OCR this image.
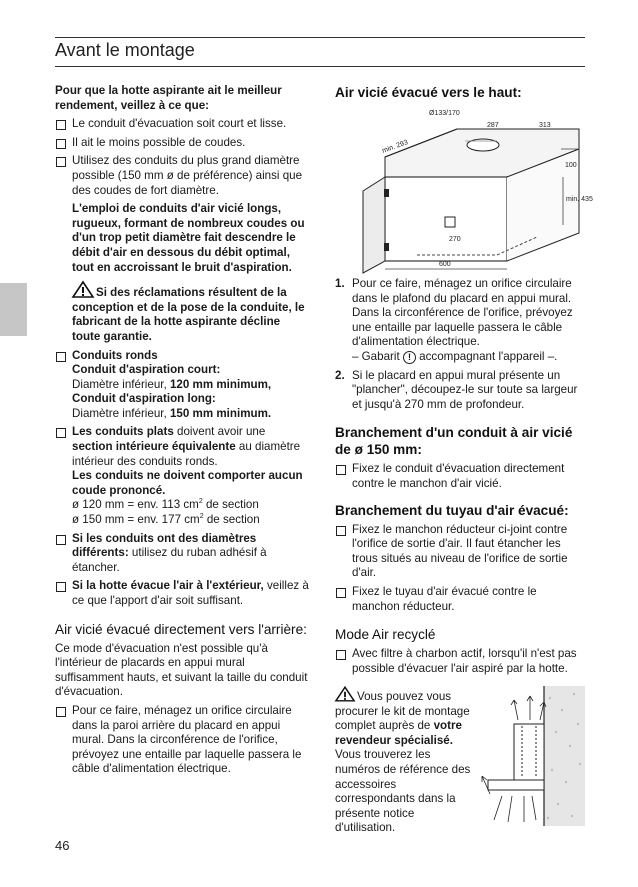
Avant le montage

Pour que la hotte aspirante ait le meilleur rendement, veillez à ce que:

Le conduit d'évacuation soit court et lisse.
Il ait le moins possible de coudes.
Utilisez des conduits du plus grand diamètre possible (150 mm ø de préférence) ainsi que des coudes de fort diamètre.

L'emploi de conduits d'air vicié longs, rugueux, formant de nombreux coudes ou d'un trop petit diamètre fait descendre le débit d'air en dessous du débit optimal, tout en accroissant le bruit d'aspiration.

Si des réclamations résultent de la conception et de la pose de la conduite, le fabricant de la hotte aspirante décline toute garantie.

Conduits ronds
Conduit d'aspiration court:
Diamètre inférieur, 120 mm minimum,
Conduit d'aspiration long:
Diamètre inférieur, 150 mm minimum.
Les conduits plats doivent avoir une section intérieure équivalente au diamètre intérieur des conduits ronds.
Les conduits ne doivent comporter aucun coude prononcé.
ø 120 mm = env. 113 $cm^2$ de section
ø 150 mm = env. 177 $cm^2$ de section
Si les conduits ont des diamètres différents: utilisez du ruban adhésif à étancher.
Si la hotte évacue l'air à l'extérieur, veillez à ce que l'apport d'air soit suffisant.

Air vicié évacué directement vers l'arrière:

Ce mode d'évacuation n'est possible qu'à l'intérieur de placards en appui mural suffisamment hauts, et suivant la taille du conduit d'évacuation.

Pour ce faire, ménagez un orifice circulaire dans la paroi arrière du placard en appui mural. Dans la circonférence de l'orifice, prévoyez une entaille par laquelle passera le câble d'alimentation électrique.

Air vicié évacué vers le haut:

Ø133/170
min. 293
287	313
100
min. 435
270
600
1. Pour ce faire, ménagez un orifice circulaire dans le plafond du placard en appui mural. Dans la circonférence de l'orifice, prévoyez une entaille par laquelle passera le câble d'alimentation électrique.
– Gabarit ! accompagnant l'appareil –.
2. Si le placard en appui mural présente un "plancher", découpez-le sur toute sa largeur et jusqu'à 270 mm de profondeur.

Branchement d'un conduit à air vicié de ø 150 mm:

Fixez le conduit d'évacuation directement contre le manchon d'air vicié.

Branchement du tuyau d'air évacué:

Fixez le manchon réducteur ci-joint contre l'orifice de sortie d'air. Il faut étancher les trous situés au niveau de l'orifice de sortie d'air.
Fixez le tuyau d'air évacué contre le manchon réducteur.

Mode Air recyclé

Avec filtre à charbon actif, lorsqu'il n'est pas possible d'évacuer l'air aspiré par la hotte.
Vous pouvez vous procurer le kit de montage complet auprès de votre revendeur spécialisé.
Vous trouverez les numéros de référence des accessoires correspondants dans la présente notice d'utilisation.
46
